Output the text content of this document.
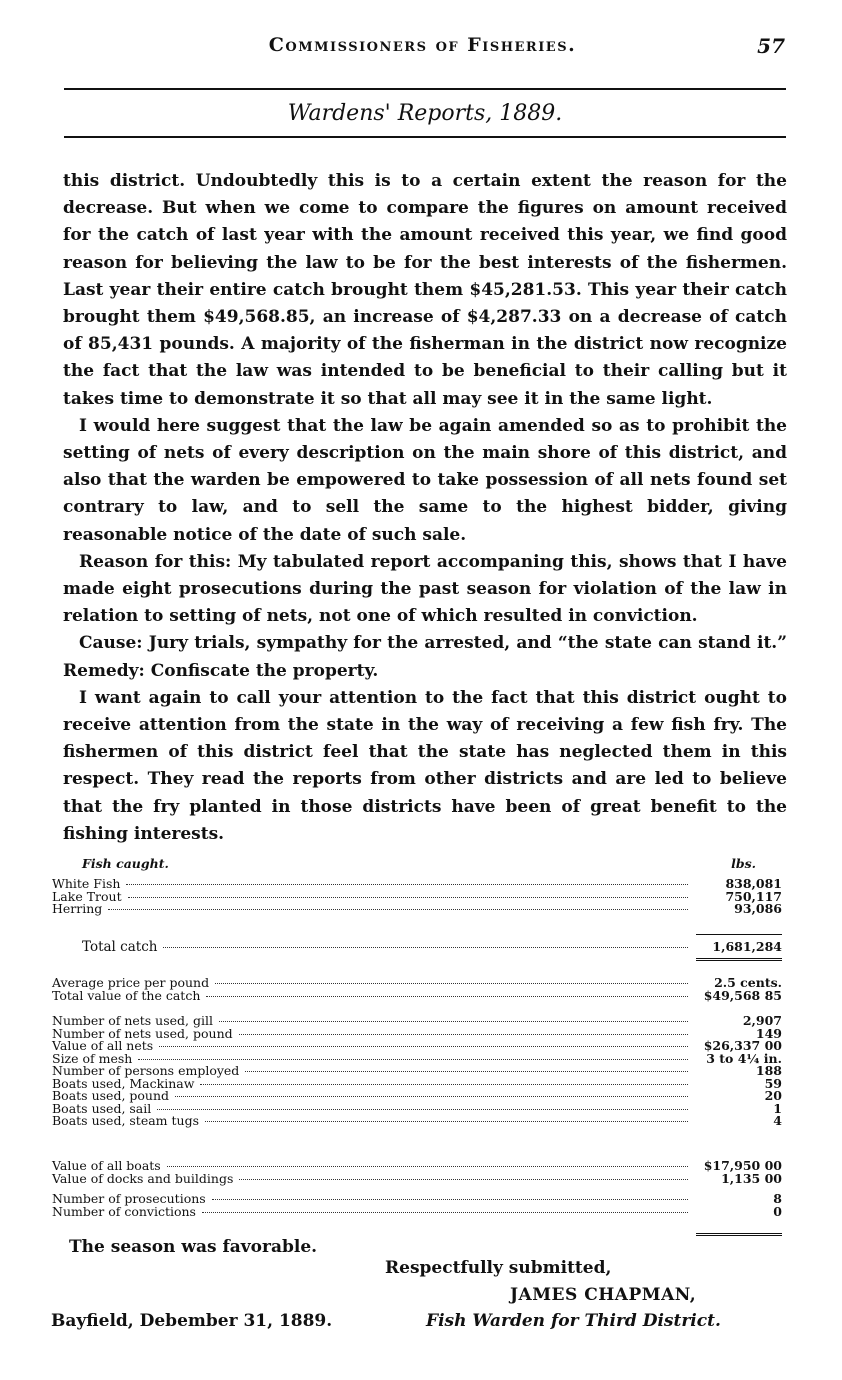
Commissioners of Fisheries.	57
Wardens' Reports, 1889.

this district. Undoubtedly this is to a certain extent the reason for the decrease. But when we come to compare the figures on amount received for the catch of last year with the amount received this year, we find good reason for believing the law to be for the best interests of the fishermen. Last year their entire catch brought them $45,281.53. This year their catch brought them $49,568.85, an increase of $4,287.33 on a decrease of catch of 85,431 pounds. A majority of the fisherman in the district now recognize the fact that the law was intended to be beneficial to their calling but it takes time to demonstrate it so that all may see it in the same light.

I would here suggest that the law be again amended so as to prohibit the setting of nets of every description on the main shore of this district, and also that the warden be empowered to take possession of all nets found set contrary to law, and to sell the same to the highest bidder, giving reasonable notice of the date of such sale.

Reason for this: My tabulated report accompaning this, shows that I have made eight prosecutions during the past season for violation of the law in relation to setting of nets, not one of which resulted in conviction.

Cause: Jury trials, sympathy for the arrested, and “the state can stand it.” Remedy: Confiscate the property.

I want again to call your attention to the fact that this district ought to receive attention from the state in the way of receiving a few fish fry. The fishermen of this district feel that the state has neglected them in this respect. They read the reports from other districts and are led to believe that the fry planted in those districts have been of great benefit to the fishing interests.

Fish caught.	lbs.
White Fish	838,081
Lake Trout	750,117
Herring	93,086
Total catch	1,681,284
Average price per pound	2.5 cents.
Total value of the catch	$49,568 85
Number of nets used, gill	2,907
Number of nets used, pound	149
Value of all nets	$26,337 00
Size of mesh	3 to 4¼ in.
Number of persons employed	188
Boats used, Mackinaw	59
Boats used, pound	20
Boats used, sail	1
Boats used, steam tugs	4
Value of all boats	$17,950 00
Value of docks and buildings	1,135 00
Number of prosecutions	8
Number of convictions	0
The season was favorable.
Respectfully submitted,
JAMES CHAPMAN,
Bayfield, Debember 31, 1889.	Fish Warden for Third District.
